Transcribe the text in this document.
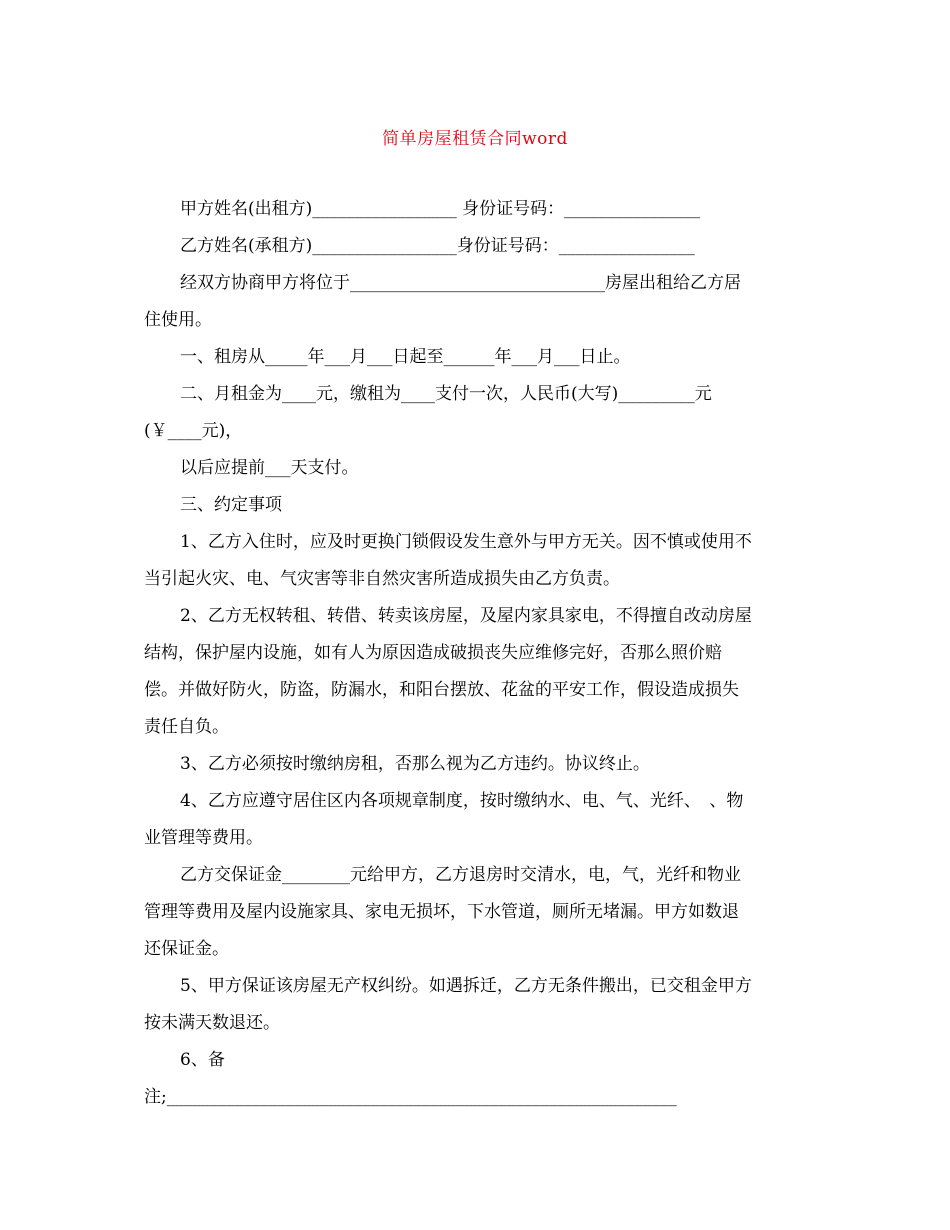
简单房屋租赁合同word
甲方姓名(出租方)_________________ 身份证号码：________________
乙方姓名(承租方)_________________身份证号码：________________
经双方协商甲方将位于______________________________房屋出租给乙方居
住使用。
一、租房从_____年___月___日起至______年___月___日止。
二、月租金为____元，缴租为____支付一次，人民币(大写)_________元
(￥____元)，
以后应提前___天支付。
三、约定事项
1、乙方入住时，应及时更换门锁假设发生意外与甲方无关。因不慎或使用不
当引起火灾、电、气灾害等非自然灾害所造成损失由乙方负责。
2、乙方无权转租、转借、转卖该房屋，及屋内家具家电，不得擅自改动房屋
结构，保护屋内设施，如有人为原因造成破损丧失应维修完好，否那么照价赔
偿。并做好防火，防盗，防漏水，和阳台摆放、花盆的平安工作，假设造成损失
责任自负。
3、乙方必须按时缴纳房租，否那么视为乙方违约。协议终止。
4、乙方应遵守居住区内各项规章制度，按时缴纳水、电、气、光纤、　、物
业管理等费用。
乙方交保证金________元给甲方，乙方退房时交清水，电，气，光纤和物业
管理等费用及屋内设施家具、家电无损坏，下水管道，厕所无堵漏。甲方如数退
还保证金。
5、甲方保证该房屋无产权纠纷。如遇拆迁，乙方无条件搬出，已交租金甲方
按未满天数退还。
6、备
注;____________________________________________________________
